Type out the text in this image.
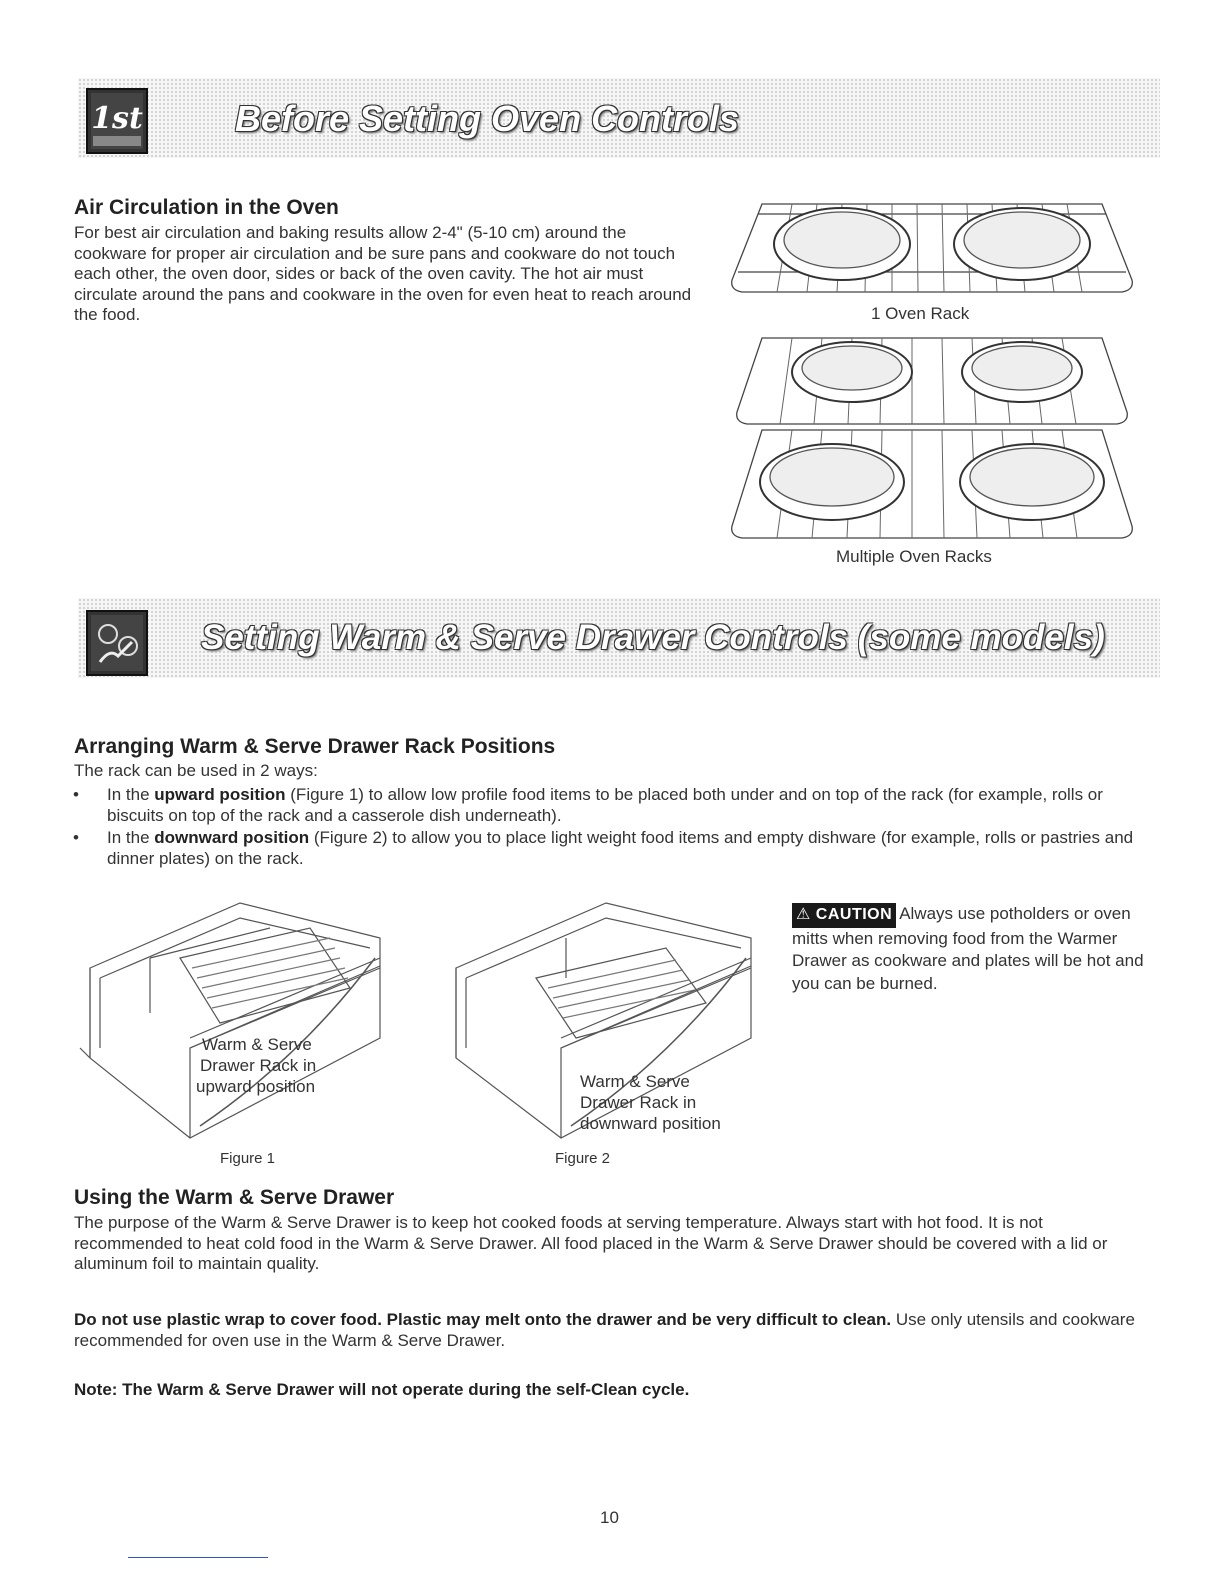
1st	Before Setting Oven Controls
Air Circulation in the Oven

For best air circulation and baking results allow 2-4" (5-10 cm) around the cookware for proper air circulation and be sure pans and cookware do not touch each other, the oven door, sides or back of the oven cavity. The hot air must circulate around the pans and cookware in the oven for even heat to reach around the food.	1 Oven Rack
Multiple Oven Racks
Setting Warm & Serve Drawer Controls (some models)
Arranging Warm & Serve Drawer Rack Positions

The rack can be used in 2 ways:

• In the upward position (Figure 1) to allow low profile food items to be placed both under and on top of the rack (for example, rolls or biscuits on top of the rack and a casserole dish underneath).
• In the downward position (Figure 2) to allow you to place light weight food items and empty dishware (for example, rolls or pastries and dinner plates) on the rack.

⚠ CAUTION Always use potholders or oven mitts when removing food from the Warmer Drawer as cookware and plates will be hot and you can be burned.

Warm & Serve
Drawer Rack in
upward position
Figure 1
Warm & Serve
Drawer Rack in
downward position
Figure 2
Using the Warm & Serve Drawer

The purpose of the Warm & Serve Drawer is to keep hot cooked foods at serving temperature. Always start with hot food. It is not recommended to heat cold food in the Warm & Serve Drawer. All food placed in the Warm & Serve Drawer should be covered with a lid or aluminum foil to maintain quality.

Do not use plastic wrap to cover food. Plastic may melt onto the drawer and be very difficult to clean. Use only utensils and cookware recommended for oven use in the Warm & Serve Drawer.

Note: The Warm & Serve Drawer will not operate during the self-Clean cycle.

10
